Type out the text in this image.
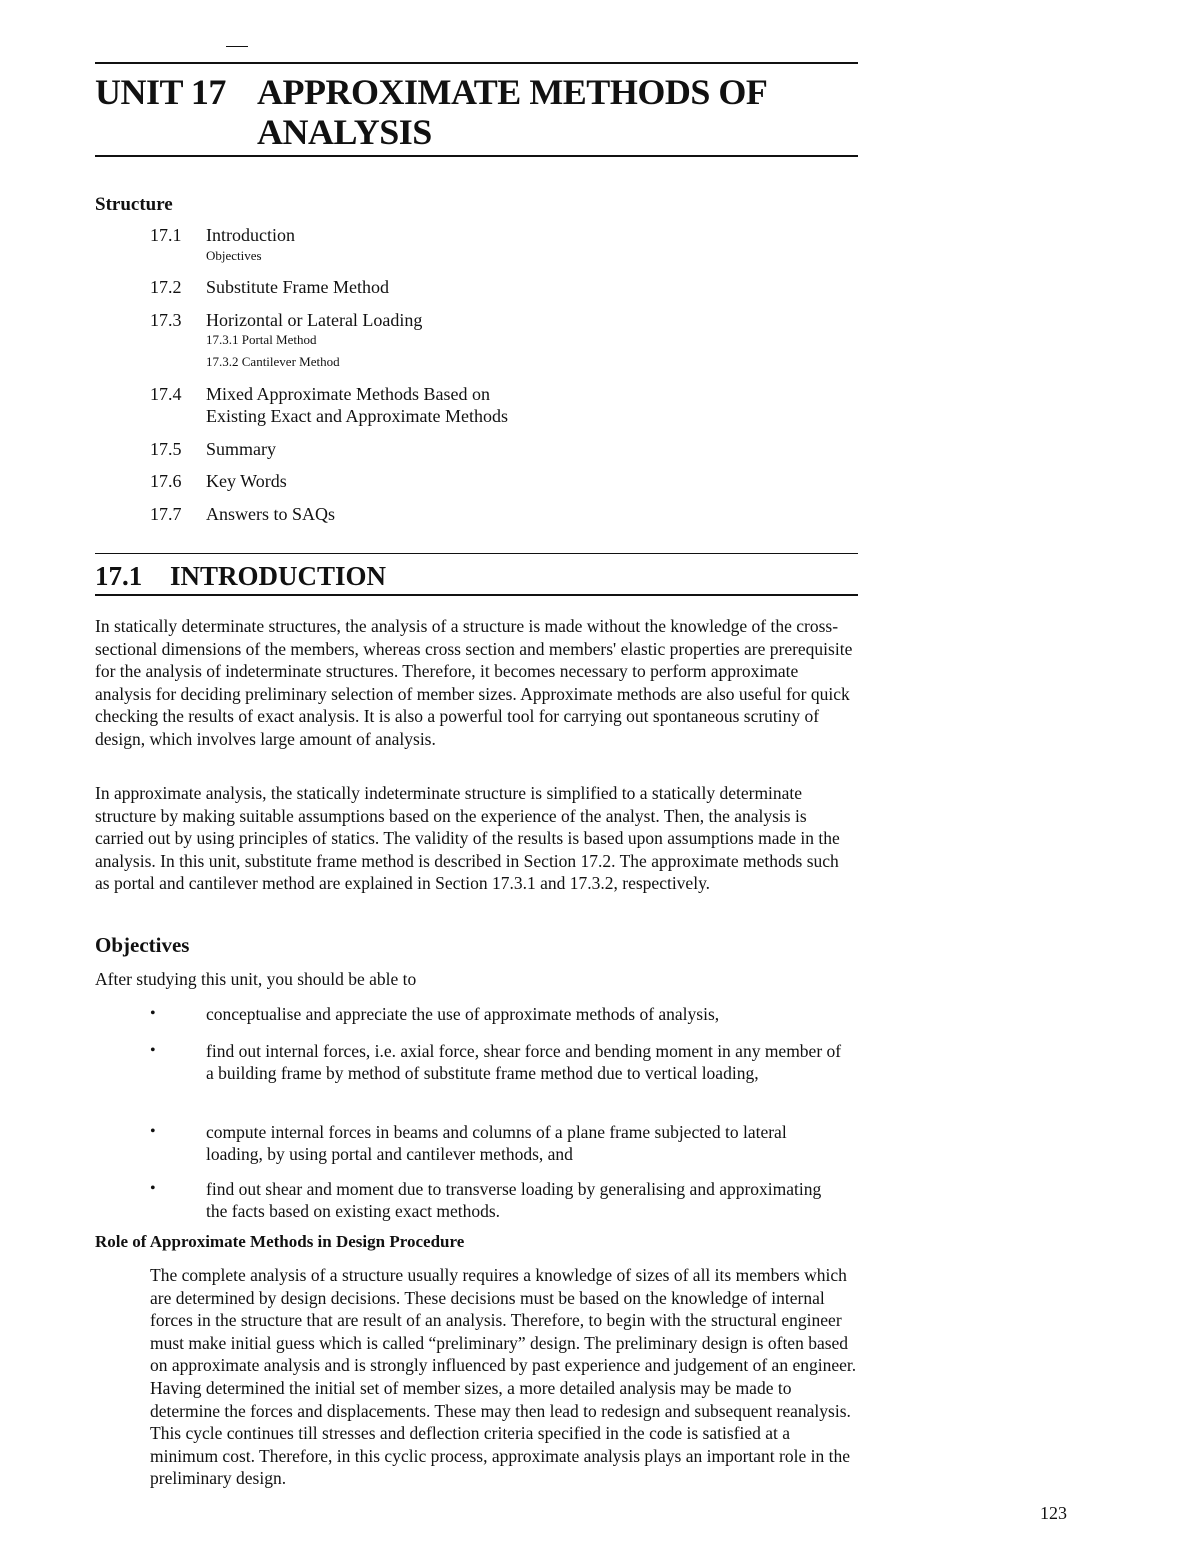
UNIT 17 APPROXIMATE METHODS OF
ANALYSIS
Structure
17.1 Introduction
Objectives
17.2 Substitute Frame Method
17.3 Horizontal or Lateral Loading
17.3.1 Portal Method
17.3.2 Cantilever Method
17.4 Mixed Approximate Methods Based on
Existing Exact and Approximate Methods
17.5 Summary
17.6 Key Words
17.7 Answers to SAQs
17.1 INTRODUCTION

In statically determinate structures, the analysis of a structure is made without the knowledge of the cross-sectional dimensions of the members, whereas cross section and members' elastic properties are prerequisite for the analysis of indeterminate structures. Therefore, it becomes necessary to perform approximate analysis for deciding preliminary selection of member sizes. Approximate methods are also useful for quick checking the results of exact analysis. It is also a powerful tool for carrying out spontaneous scrutiny of design, which involves large amount of analysis.

In approximate analysis, the statically indeterminate structure is simplified to a statically determinate structure by making suitable assumptions based on the experience of the analyst. Then, the analysis is carried out by using principles of statics. The validity of the results is based upon assumptions made in the analysis. In this unit, substitute frame method is described in Section 17.2. The approximate methods such as portal and cantilever method are explained in Section 17.3.1 and 17.3.2, respectively.

Objectives
After studying this unit, you should be able to
•	conceptualise and appreciate the use of approximate methods of analysis,
•	find out internal forces, i.e. axial force, shear force and bending moment in any member of a building frame by method of substitute frame method due to vertical loading,
•	compute internal forces in beams and columns of a plane frame subjected to lateral loading, by using portal and cantilever methods, and
•	find out shear and moment due to transverse loading by generalising and approximating the facts based on existing exact methods.
Role of Approximate Methods in Design Procedure

The complete analysis of a structure usually requires a knowledge of sizes of all its members which are determined by design decisions. These decisions must be based on the knowledge of internal forces in the structure that are result of an analysis. Therefore, to begin with the structural engineer must make initial guess which is called “preliminary” design. The preliminary design is often based on approximate analysis and is strongly influenced by past experience and judgement of an engineer. Having determined the initial set of member sizes, a more detailed analysis may be made to determine the forces and displacements. These may then lead to redesign and subsequent reanalysis. This cycle continues till stresses and deflection criteria specified in the code is satisfied at a minimum cost. Therefore, in this cyclic process, approximate analysis plays an important role in the preliminary design.

123
